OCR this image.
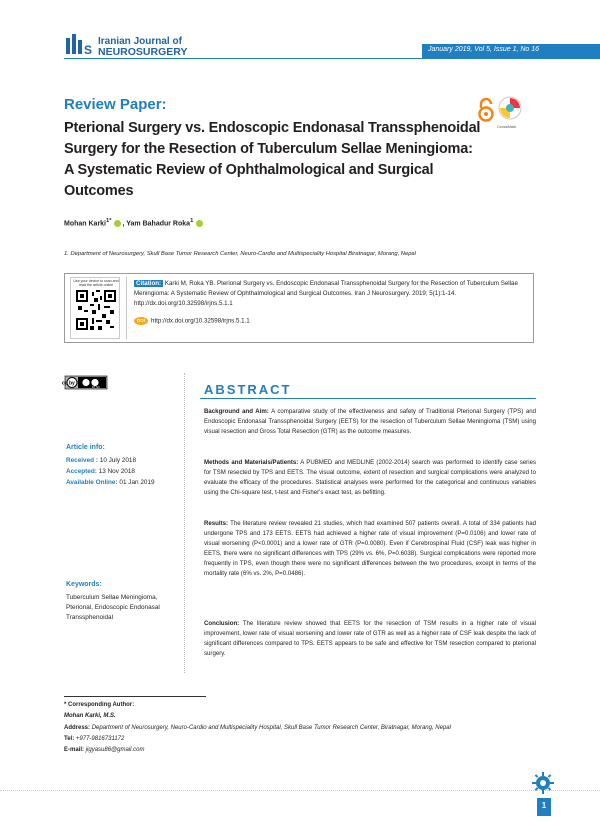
S
Iranian Journal of
NEUROSURGERY	January 2019, Vol 5, Issue 1, No 16
Review Paper:
Pterional Surgery vs. Endoscopic Endonasal Transsphenoidal Surgery for the Resection of Tuberculum Sellae Meningioma: A Systematic Review of Ophthalmological and Surgical Outcomes
CrossMark
Mohan Karki$^{1*}$ , Yam Bahadur Roka$^1$
1. Department of Neurosurgery, Skull Base Tumor Research Center, Neuro-Cardio and Multispeciality Hospital Biratnagar, Morang, Nepal
Use your device to scan and read the article online	Citation: Karki M, Roka YB. Pterional Surgery vs. Endoscopic Endonasal Transsphenoidal Surgery for the Resection of Tuberculum Sellae Meningioma: A Systematic Review of Ophthalmological and Surgical Outcomes. Iran J Neurosurgery. 2019; 5(1):1-14. http://dx.doi.org/10.32598/irjns.5.1.1
DOI http://dx.doi.org/10.32598/irjns.5.1.1
cc by nc
BY NC
Article info:
Received : 10 July 2018
Accepted: 13 Nov 2018
Available Online: 01 Jan 2019
Keywords:
Tuberculum Sellae Meningioma, Pterional, Endoscopic Endonasal Transsphenoidal
ABSTRACT
Background and Aim: A comparative study of the effectiveness and safety of Traditional Pterional Surgery (TPS) and Endoscopic Endonasal Transsphenoidal Surgery (EETS) for the resection of Tuberculum Sellae Meningioma (TSM) using visual resection and Gross Total Resection (GTR) as the outcome measures.
Methods and Materials/Patients: A PUBMED and MEDLINE (2002-2014) search was performed to identify case series for TSM resected by TPS and EETS. The visual outcome, extent of resection and surgical complications were analyzed to evaluate the efficacy of the procedures. Statistical analyses were performed for the categorical and continuous variables using the Chi-square test, t-test and Fisher's exact test, as befitting.
Results: The literature review revealed 21 studies, which had examined 507 patients overall. A total of 334 patients had undergone TPS and 173 EETS. EETS had achieved a higher rate of visual improvement (P=0.0106) and lower rate of visual worsening (P<0.0001) and a lower rate of GTR (P=0.0080). Even if Cerebrospinal Fluid (CSF) leak was higher in EETS, there were no significant differences with TPS (29% vs. 6%, P=0.6038). Surgical complications were reported more frequently in TPS, even though there were no significant differences between the two procedures, except in terms of the mortality rate (6% vs. 2%, P=0.0486).
Conclusion: The literature review showed that EETS for the resection of TSM results in a higher rate of visual improvement, lower rate of visual worsening and lower rate of GTR as well as a higher rate of CSF leak despite the lack of significant differences compared to TPS. EETS appears to be safe and effective for TSM resection compared to pterional surgery.
* Corresponding Author:
Mohan Karki, M.S.
Address: Department of Neurosurgery, Neuro-Cardio and Multispeciality Hospital, Skull Base Tumor Research Center, Biratnagar, Morang, Nepal
Tel: +977-9816731172
E-mail: jigyasu86@gmail.com
1
